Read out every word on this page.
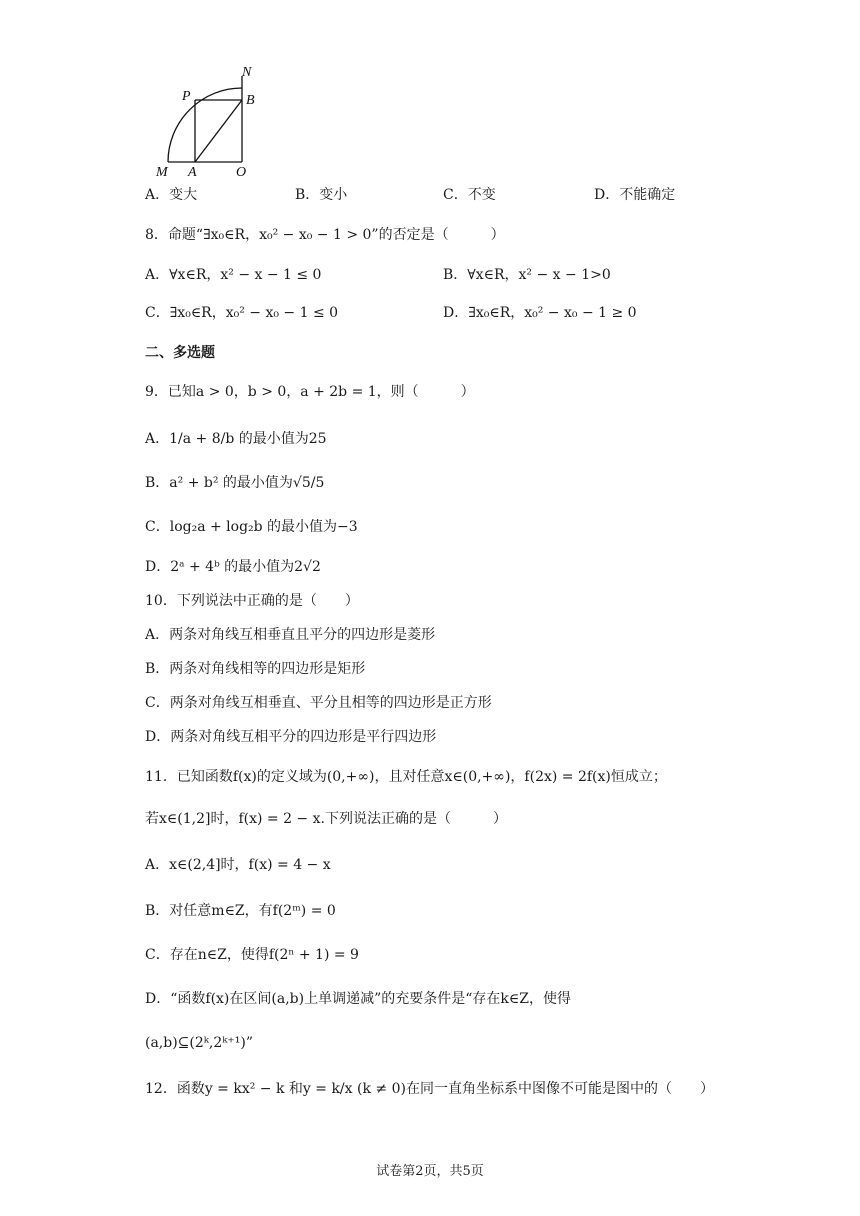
N
P	B
M A	O
A．变大	B．变小	C．不变	D．不能确定
8．命题“∃x₀∈R，x₀² − x₀ − 1 > 0”的否定是（　　　）
A．∀x∈R，x² − x − 1 ≤ 0	B．∀x∈R，x² − x − 1>0
C．∃x₀∈R，x₀² − x₀ − 1 ≤ 0	D．∃x₀∈R，x₀² − x₀ − 1 ≥ 0
二、多选题
9．已知a > 0，b > 0，a + 2b = 1，则（　　　）
A．1/a + 8/b 的最小值为25
B．a² + b² 的最小值为√5/5
C．log₂a + log₂b 的最小值为−3
D．2ᵃ + 4ᵇ 的最小值为2√2
10．下列说法中正确的是（　　）
A．两条对角线互相垂直且平分的四边形是菱形
B．两条对角线相等的四边形是矩形
C．两条对角线互相垂直、平分且相等的四边形是正方形
D．两条对角线互相平分的四边形是平行四边形
11．已知函数f(x)的定义域为(0,+∞)，且对任意x∈(0,+∞)，f(2x) = 2f(x)恒成立；
若x∈(1,2]时，f(x) = 2 − x.下列说法正确的是（　　　）
A．x∈(2,4]时，f(x) = 4 − x
B．对任意m∈Z，有f(2ᵐ) = 0
C．存在n∈Z，使得f(2ⁿ + 1) = 9
D．“函数f(x)在区间(a,b)上单调递减”的充要条件是“存在k∈Z，使得
(a,b)⊆(2ᵏ,2ᵏ⁺¹)”
12．函数y = kx² − k 和y = k/x (k ≠ 0)在同一直角坐标系中图像不可能是图中的（　　）
试卷第2页，共5页
